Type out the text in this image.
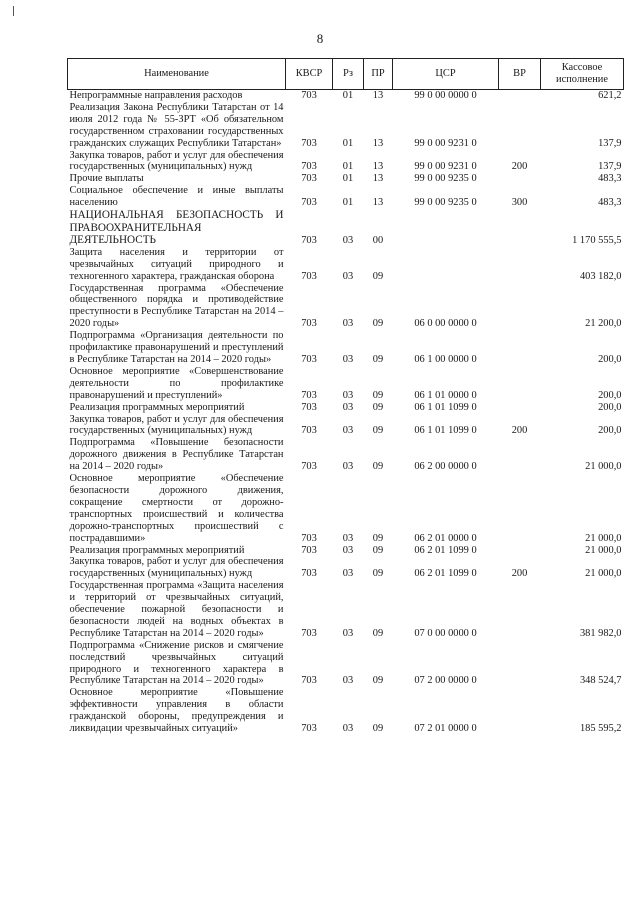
8
Наименование	КВСР	Рз	ПР	ЦСР	ВР	Кассовое исполнение
Непрограммные направления расходов	703	01	13	99 0 00 0000 0		621,2
Реализация Закона Республики Татарстан от 14 июля 2012 года № 55-ЗРТ «Об обязательном государственном страховании государственных гражданских служащих Республики Татарстан»	703	01	13	99 0 00 9231 0		137,9
Закупка товаров, работ и услуг для обеспечения государственных (муниципальных) нужд	703	01	13	99 0 00 9231 0	200	137,9
Прочие выплаты	703	01	13	99 0 00 9235 0		483,3
Социальное обеспечение и иные выплаты населению	703	01	13	99 0 00 9235 0	300	483,3
НАЦИОНАЛЬНАЯ БЕЗОПАСНОСТЬ И ПРАВООХРАНИТЕЛЬНАЯ ДЕЯТЕЛЬНОСТЬ	703	03	00			1 170 555,5
Защита населения и территории от чрезвычайных ситуаций природного и техногенного характера, гражданская оборона	703	03	09			403 182,0
Государственная программа «Обеспечение общественного порядка и противодействие преступности в Республике Татарстан на 2014 – 2020 годы»	703	03	09	06 0 00 0000 0		21 200,0
Подпрограмма «Организация деятельности по профилактике правонарушений и преступлений в Республике Татарстан на 2014 – 2020 годы»	703	03	09	06 1 00 0000 0		200,0
Основное мероприятие «Совершенствование деятельности по профилактике правонарушений и преступлений»	703	03	09	06 1 01 0000 0		200,0
Реализация программных мероприятий	703	03	09	06 1 01 1099 0		200,0
Закупка товаров, работ и услуг для обеспечения государственных (муниципальных) нужд	703	03	09	06 1 01 1099 0	200	200,0
Подпрограмма «Повышение безопасности дорожного движения в Республике Татарстан на 2014 – 2020 годы»	703	03	09	06 2 00 0000 0		21 000,0
Основное мероприятие «Обеспечение безопасности дорожного движения, сокращение смертности от дорожно-транспортных происшествий и количества дорожно-транспортных происшествий с пострадавшими»	703	03	09	06 2 01 0000 0		21 000,0
Реализация программных мероприятий	703	03	09	06 2 01 1099 0		21 000,0
Закупка товаров, работ и услуг для обеспечения государственных (муниципальных) нужд	703	03	09	06 2 01 1099 0	200	21 000,0
Государственная программа «Защита населения и территорий от чрезвычайных ситуаций, обеспечение пожарной безопасности и безопасности людей на водных объектах в Республике Татарстан на 2014 – 2020 годы»	703	03	09	07 0 00 0000 0		381 982,0
Подпрограмма «Снижение рисков и смягчение последствий чрезвычайных ситуаций природного и техногенного характера в Республике Татарстан на 2014 – 2020 годы»	703	03	09	07 2 00 0000 0		348 524,7
Основное мероприятие «Повышение эффективности управления в области гражданской обороны, предупреждения и ликвидации чрезвычайных ситуаций»	703	03	09	07 2 01 0000 0		185 595,2
